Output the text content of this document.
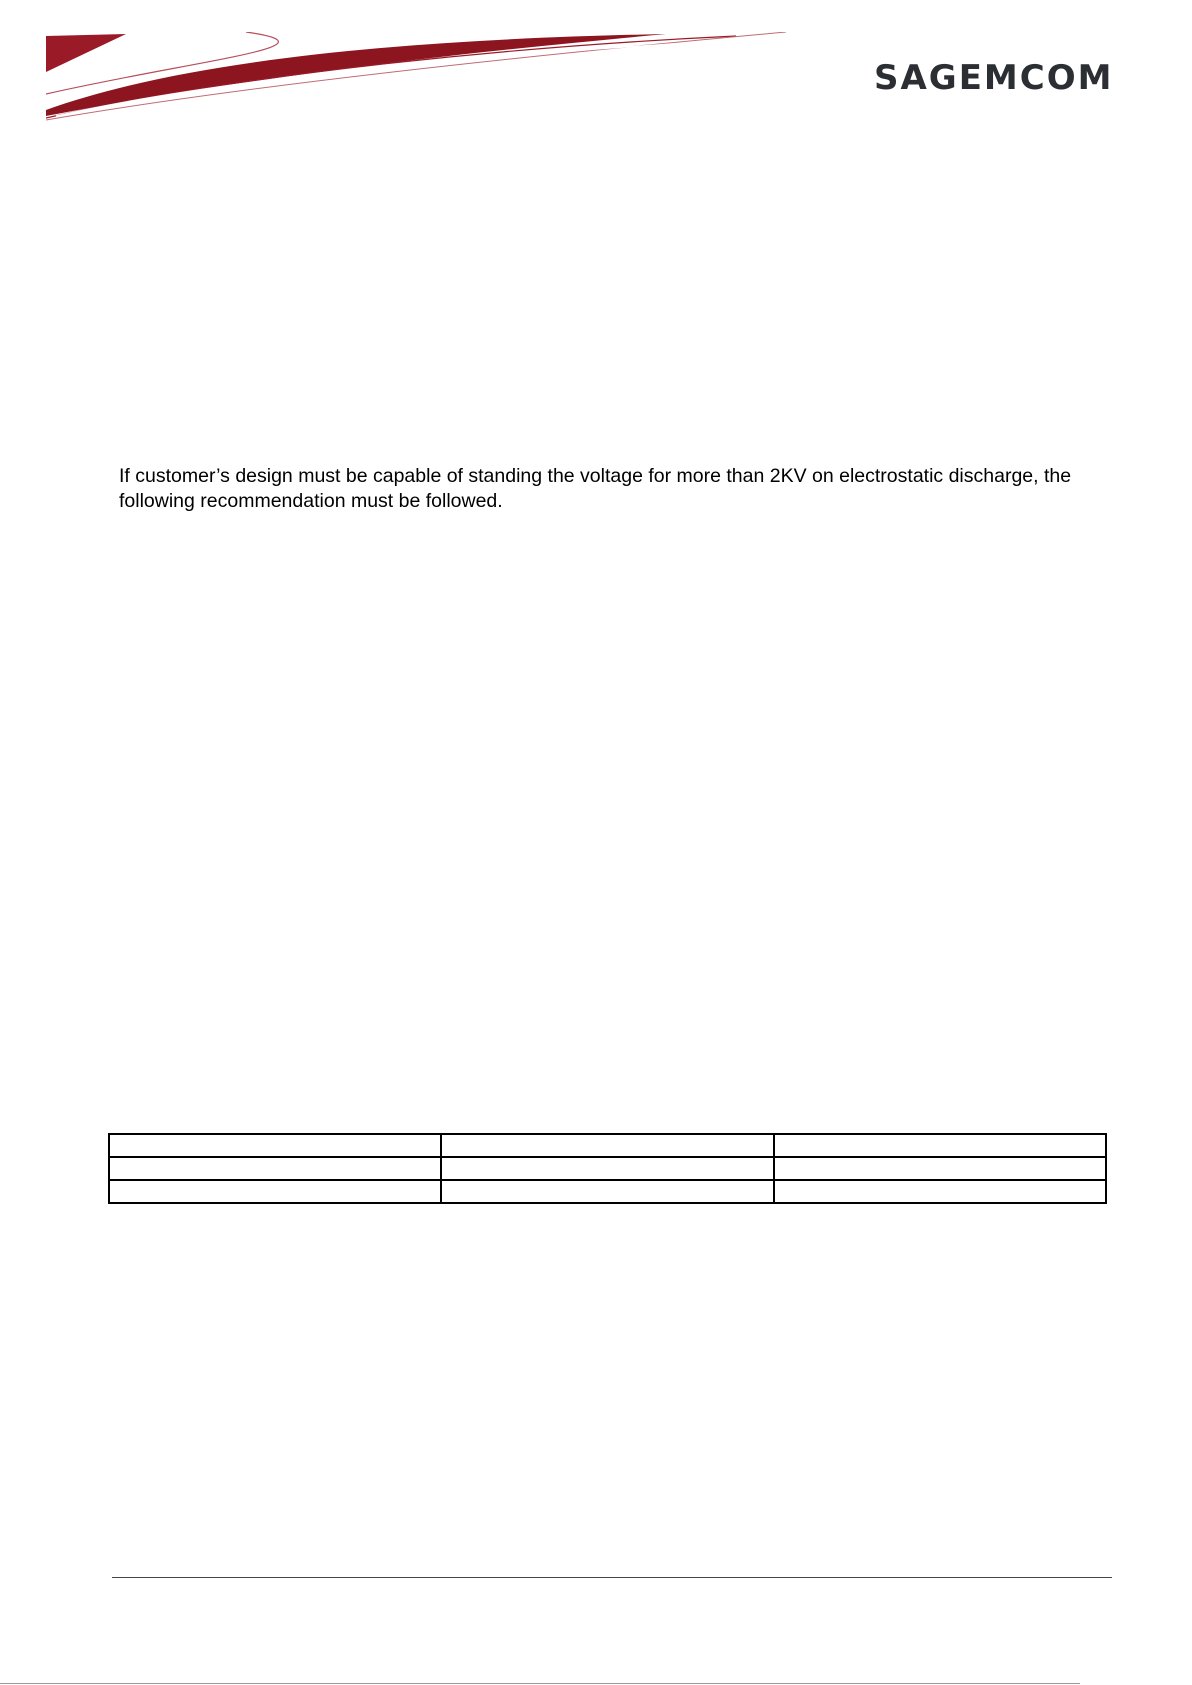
SAGEMCOM

If customer’s design must be capable of standing the voltage for more than 2KV on electrostatic discharge, the following recommendation must be followed.
